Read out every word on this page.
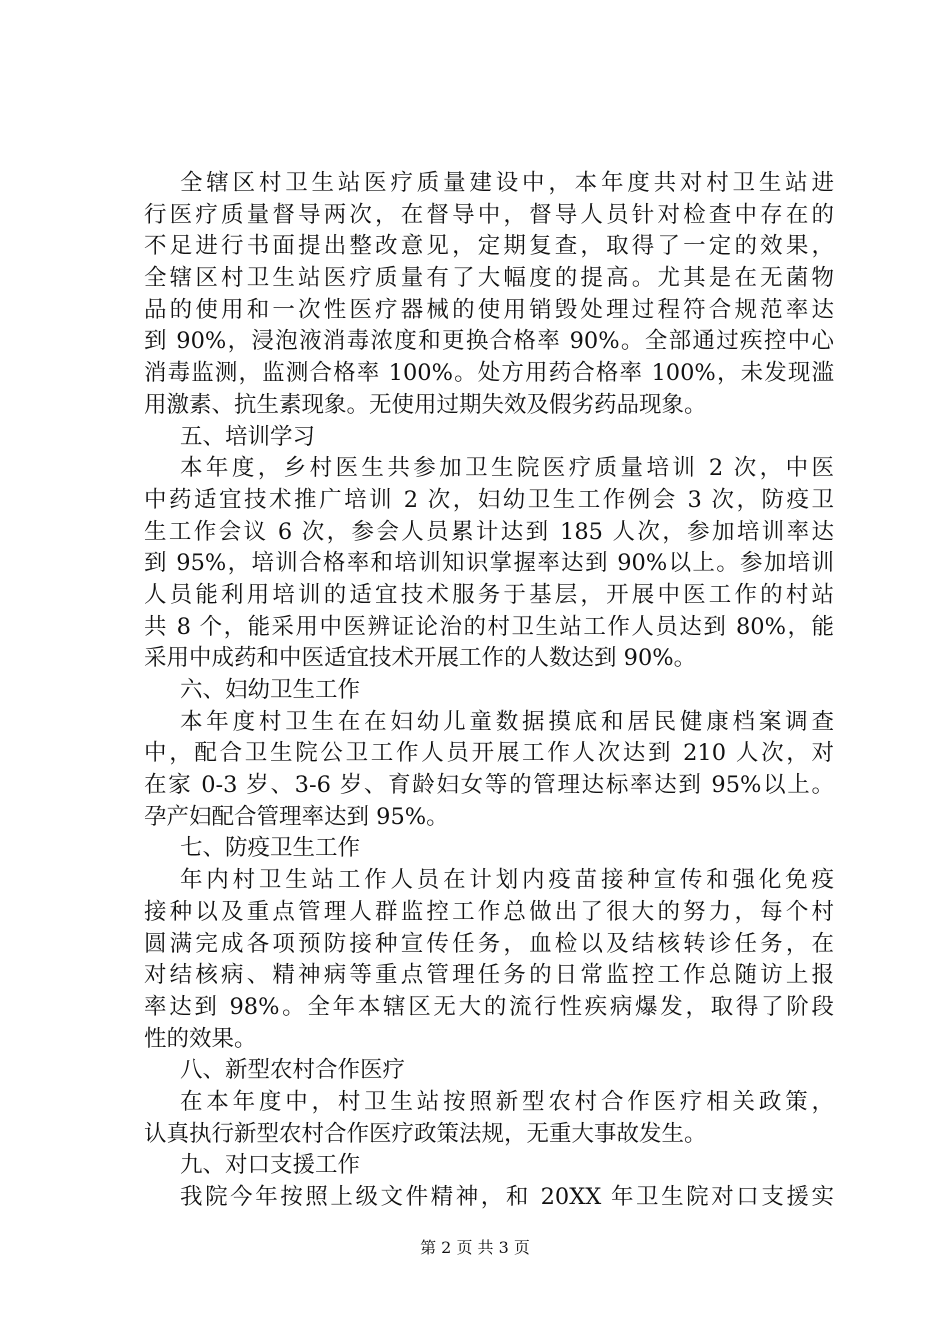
全辖区村卫生站医疗质量建设中，本年度共对村卫生站进
行医疗质量督导两次，在督导中，督导人员针对检查中存在的
不足进行书面提出整改意见，定期复查，取得了一定的效果，
全辖区村卫生站医疗质量有了大幅度的提高。尤其是在无菌物
品的使用和一次性医疗器械的使用销毁处理过程符合规范率达
到 90%，浸泡液消毒浓度和更换合格率 90%。全部通过疾控中心
消毒监测，监测合格率 100%。处方用药合格率 100%，未发现滥
用激素、抗生素现象。无使用过期失效及假劣药品现象。
五、培训学习
本年度，乡村医生共参加卫生院医疗质量培训 2 次，中医
中药适宜技术推广培训 2 次，妇幼卫生工作例会 3 次，防疫卫
生工作会议 6 次，参会人员累计达到 185 人次，参加培训率达
到 95%，培训合格率和培训知识掌握率达到 90%以上。参加培训
人员能利用培训的适宜技术服务于基层，开展中医工作的村站
共 8 个，能采用中医辨证论治的村卫生站工作人员达到 80%，能
采用中成药和中医适宜技术开展工作的人数达到 90%。
六、妇幼卫生工作
本年度村卫生在在妇幼儿童数据摸底和居民健康档案调查
中，配合卫生院公卫工作人员开展工作人次达到 210 人次，对
在家 0-3 岁、3-6 岁、育龄妇女等的管理达标率达到 95%以上。
孕产妇配合管理率达到 95%。
七、防疫卫生工作
年内村卫生站工作人员在计划内疫苗接种宣传和强化免疫
接种以及重点管理人群监控工作总做出了很大的努力，每个村
圆满完成各项预防接种宣传任务，血检以及结核转诊任务，在
对结核病、精神病等重点管理任务的日常监控工作总随访上报
率达到 98%。全年本辖区无大的流行性疾病爆发，取得了阶段
性的效果。
八、新型农村合作医疗
在本年度中，村卫生站按照新型农村合作医疗相关政策，
认真执行新型农村合作医疗政策法规，无重大事故发生。
九、对口支援工作
我院今年按照上级文件精神，和 20XX 年卫生院对口支援实
第 2 页 共 3 页
